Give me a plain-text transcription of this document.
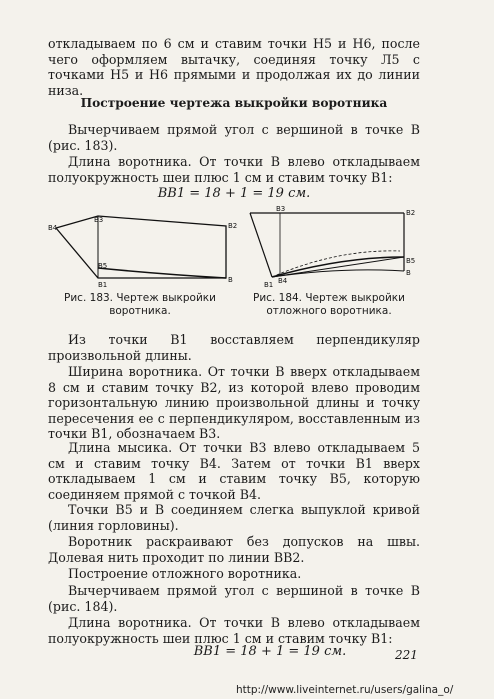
откладываем по 6 см и ставим точки Н5 и Н6, после чего оформляем вытачку, соединяя точку Л5 с точками Н5 и Н6 прямыми и продолжая их до линии низа.

Построение чертежа выкройки воротника

Вычерчиваем прямой угол с вершиной в точке В (рис. 183).

Длина воротника. От точки В влево откладываем полуокружность шеи плюс 1 см и ставим точку В1:

ВВ1 = 18 + 1 = 19 см.

В4
В3
В2
В5
В1
В
В3	В2
В5
В1 В4
В

Рис. 183. Чертеж выкройки воротника.

Рис. 184. Чертеж выкройки отложного воротника.

Из точки В1 восставляем перпендикуляр произвольной длины.

Ширина воротника. От точки В вверх откладываем 8 см и ставим точку В2, из которой влево проводим горизонтальную линию произвольной длины и точку пересечения ее с перпендикуляром, восставленным из точки В1, обозначаем В3.

Длина мысика. От точки В3 влево откладываем 5 см и ставим точку В4. Затем от точки В1 вверх откладываем 1 см и ставим точку В5, которую соединяем прямой с точкой В4.

Точки В5 и В соединяем слегка выпуклой кривой (линия горловины).

Воротник раскраивают без допусков на швы. Долевая нить проходит по линии ВВ2.

Построение отложного воротника.

Вычерчиваем прямой угол с вершиной в точке В (рис. 184).

Длина воротника. От точки В влево откладываем полуокружность шеи плюс 1 см и ставим точку В1:

ВВ1 = 18 + 1 = 19 см.	221
http://www.liveinternet.ru/users/galina_o/
